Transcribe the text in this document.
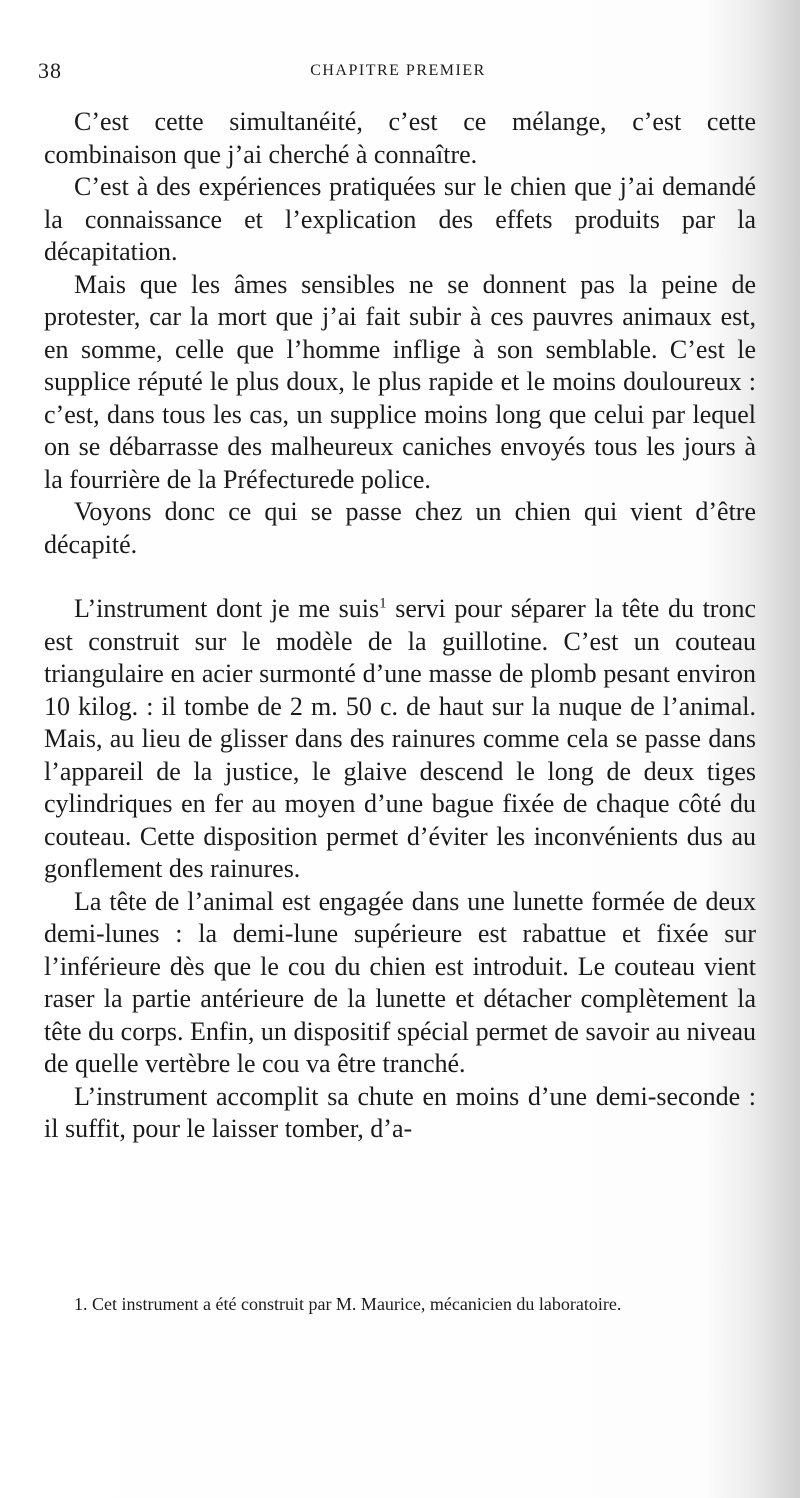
38	CHAPITRE PREMIER

C’est cette simultanéité, c’est ce mélange, c’est cette combinaison que j’ai cherché à connaître.

C’est à des expériences pratiquées sur le chien que j’ai demandé la connaissance et l’explication des effets produits par la décapitation.

Mais que les âmes sensibles ne se donnent pas la peine de protester, car la mort que j’ai fait subir à ces pauvres animaux est, en somme, celle que l’homme inflige à son semblable. C’est le supplice réputé le plus doux, le plus rapide et le moins douloureux : c’est, dans tous les cas, un supplice moins long que celui par lequel on se débarrasse des malheureux caniches envoyés tous les jours à la fourrière de la Préfecturede police.

Voyons donc ce qui se passe chez un chien qui vient d’être décapité.

L’instrument dont je me suis$^1$ servi pour séparer la tête du tronc est construit sur le modèle de la guillotine. C’est un couteau triangulaire en acier surmonté d’une masse de plomb pesant environ 10 kilog. : il tombe de 2 m. 50 c. de haut sur la nuque de l’animal. Mais, au lieu de glisser dans des rainures comme cela se passe dans l’appareil de la justice, le glaive descend le long de deux tiges cylindriques en fer au moyen d’une bague fixée de chaque côté du couteau. Cette disposition permet d’éviter les inconvénients dus au gonflement des rainures.

La tête de l’animal est engagée dans une lunette formée de deux demi-lunes : la demi-lune supérieure est rabattue et fixée sur l’inférieure dès que le cou du chien est introduit. Le couteau vient raser la partie antérieure de la lunette et détacher complètement la tête du corps. Enfin, un dispositif spécial permet de savoir au niveau de quelle vertèbre le cou va être tranché.

L’instrument accomplit sa chute en moins d’une demi-seconde : il suffit, pour le laisser tomber, d’a-

1. Cet instrument a été construit par M. Maurice, mécanicien du laboratoire.
